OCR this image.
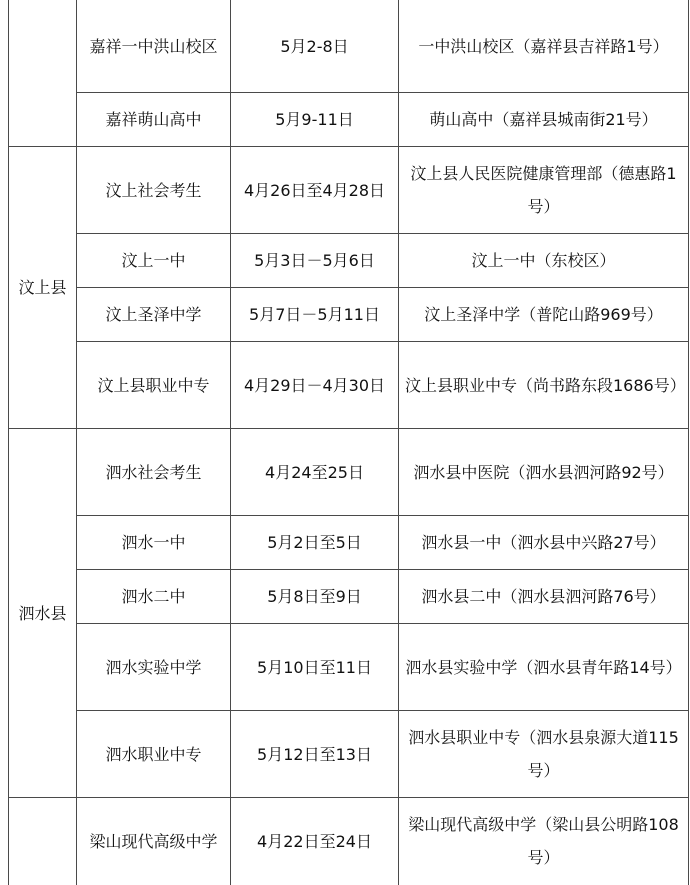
	嘉祥一中洪山校区	5月2-8日	一中洪山校区（嘉祥县吉祥路1号）
	嘉祥萌山高中	5月9-11日	萌山高中（嘉祥县城南街21号）
汶上县	汶上社会考生	4月26日至4月28日	汶上县人民医院健康管理部（德惠路1号）
	汶上一中	5月3日－5月6日	汶上一中（东校区）
	汶上圣泽中学	5月7日－5月11日	汶上圣泽中学（普陀山路969号）
	汶上县职业中专	4月29日－4月30日	汶上县职业中专（尚书路东段1686号）
泗水县	泗水社会考生	4月24至25日	泗水县中医院（泗水县泗河路92号）
	泗水一中	5月2日至5日	泗水县一中（泗水县中兴路27号）
	泗水二中	5月8日至9日	泗水县二中（泗水县泗河路76号）
	泗水实验中学	5月10日至11日	泗水县实验中学（泗水县青年路14号）
	泗水职业中专	5月12日至13日	泗水县职业中专（泗水县泉源大道115号）
	梁山现代高级中学	4月22日至24日	梁山现代高级中学（梁山县公明路108号）
